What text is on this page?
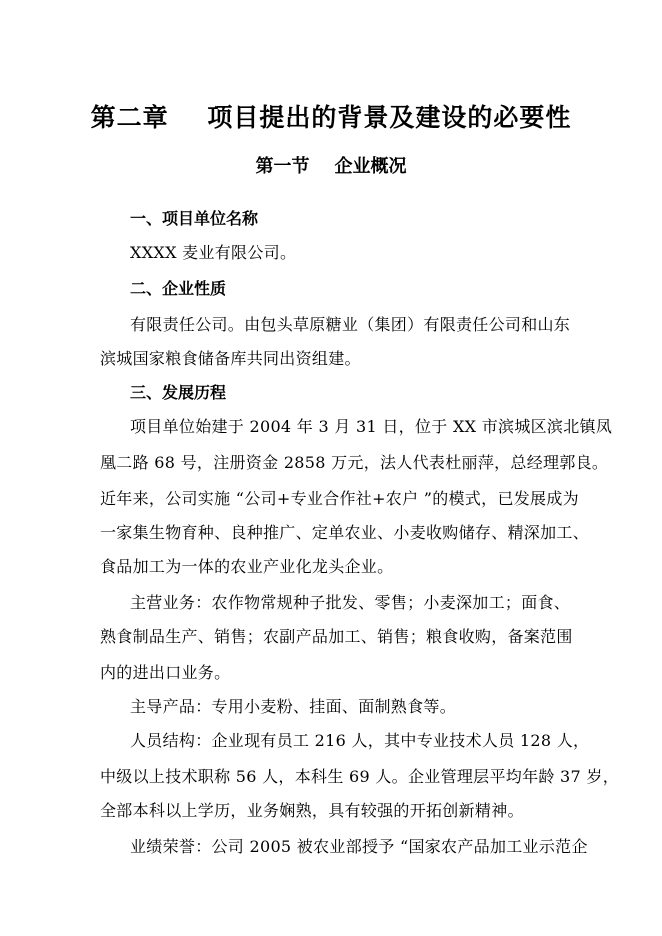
第二章    项目提出的背景及建设的必要性
第一节    企业概况
一、项目单位名称
XXXX 麦业有限公司。
二、企业性质
有限责任公司。由包头草原糖业（集团）有限责任公司和山东
滨城国家粮食储备库共同出资组建。
三、发展历程
项目单位始建于 2004 年 3 月 31 日，位于 XX 市滨城区滨北镇凤
凰二路 68 号，注册资金 2858 万元，法人代表杜丽萍，总经理郭良。
近年来，公司实施 “公司+专业合作社+农户 ”的模式，已发展成为
一家集生物育种、良种推广、定单农业、小麦收购储存、精深加工、
食品加工为一体的农业产业化龙头企业。
主营业务：农作物常规种子批发、零售；小麦深加工；面食、
熟食制品生产、销售；农副产品加工、销售；粮食收购，备案范围
内的进出口业务。
主导产品：专用小麦粉、挂面、面制熟食等。
人员结构：企业现有员工 216 人，其中专业技术人员 128 人，
中级以上技术职称 56 人，本科生 69 人。企业管理层平均年龄 37 岁，
全部本科以上学历，业务娴熟，具有较强的开拓创新精神。
业绩荣誉：公司 2005 被农业部授予 “国家农产品加工业示范企
